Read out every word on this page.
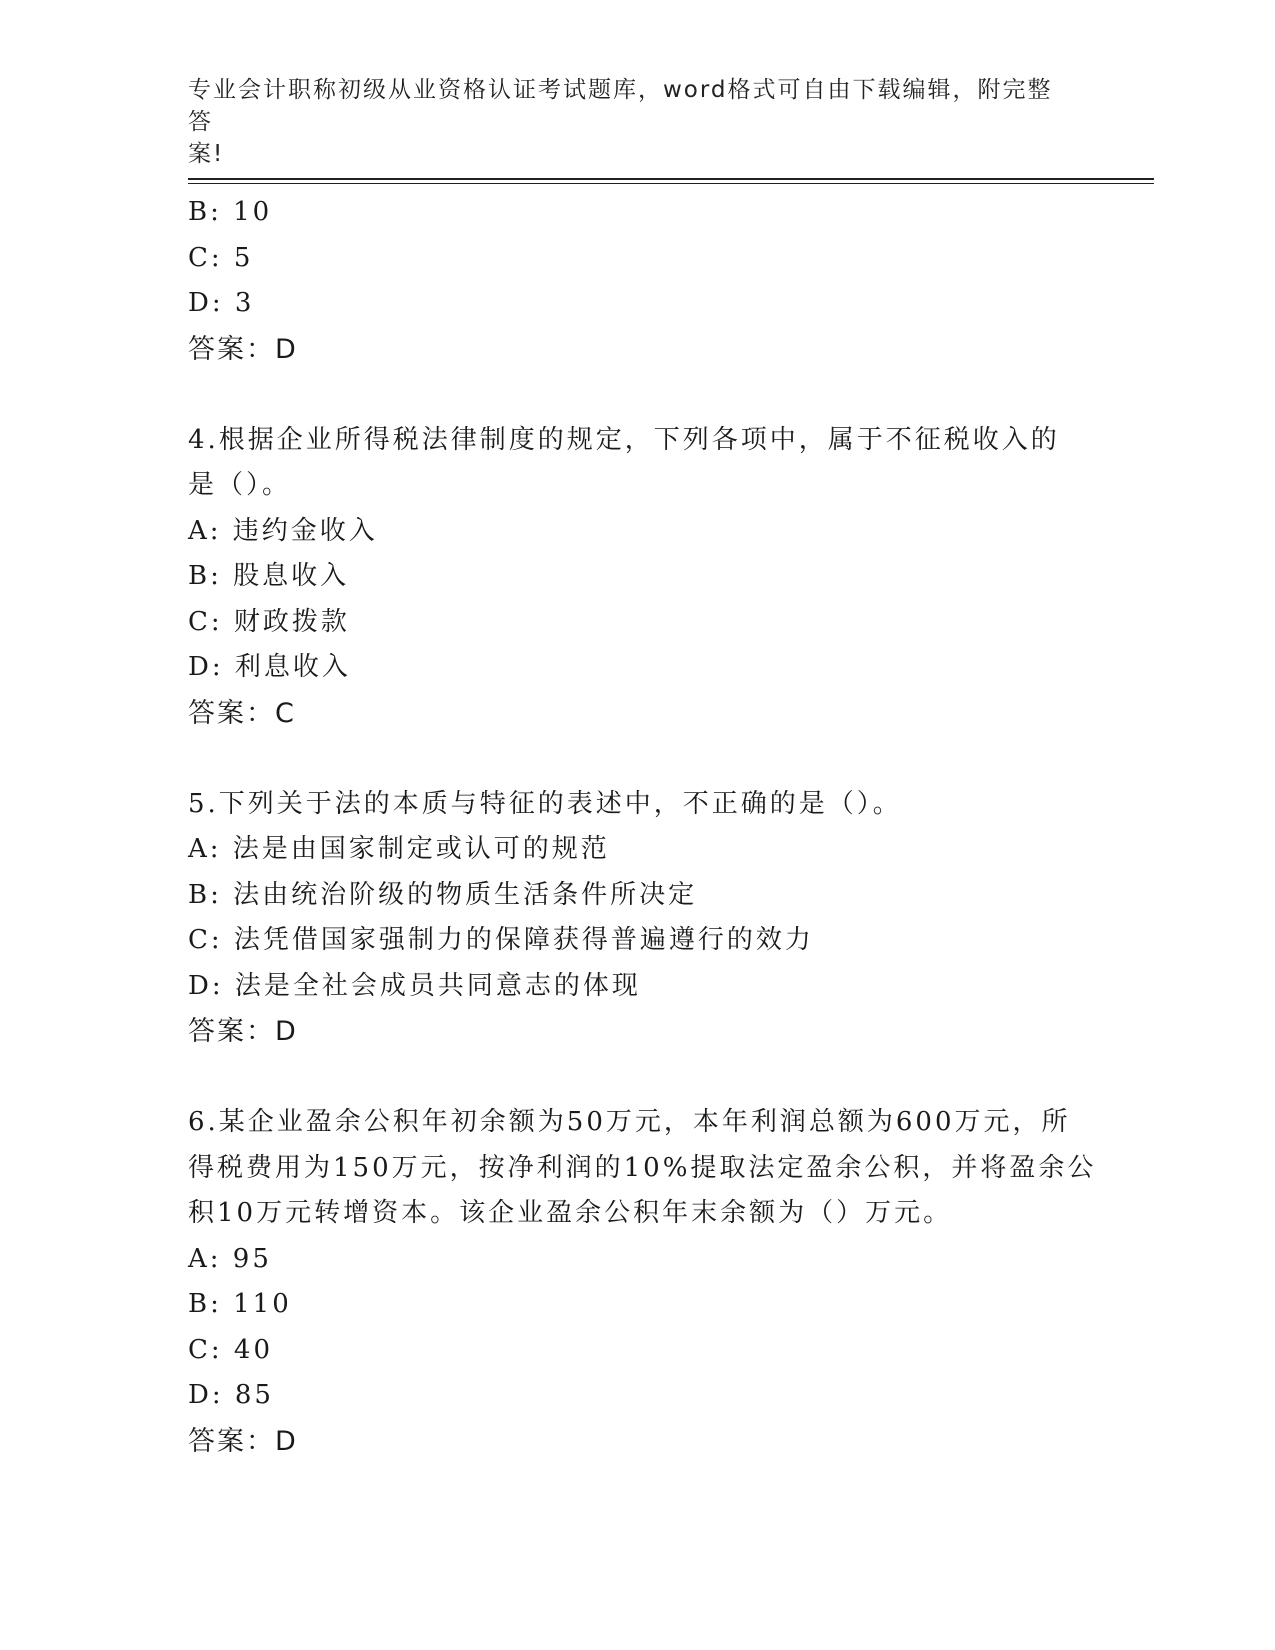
专业会计职称初级从业资格认证考试题库，word格式可自由下载编辑，附完整答
案!
B: 10
C: 5
D: 3
答案：D
4.根据企业所得税法律制度的规定，下列各项中，属于不征税收入的
是（）。
A: 违约金收入
B: 股息收入
C: 财政拨款
D: 利息收入
答案：C
5.下列关于法的本质与特征的表述中，不正确的是（）。
A: 法是由国家制定或认可的规范
B: 法由统治阶级的物质生活条件所决定
C: 法凭借国家强制力的保障获得普遍遵行的效力
D: 法是全社会成员共同意志的体现
答案：D
6.某企业盈余公积年初余额为50万元，本年利润总额为600万元，所
得税费用为150万元，按净利润的10%提取法定盈余公积，并将盈余公
积10万元转增资本。该企业盈余公积年末余额为（）万元。
A: 95
B: 110
C: 40
D: 85
答案：D
